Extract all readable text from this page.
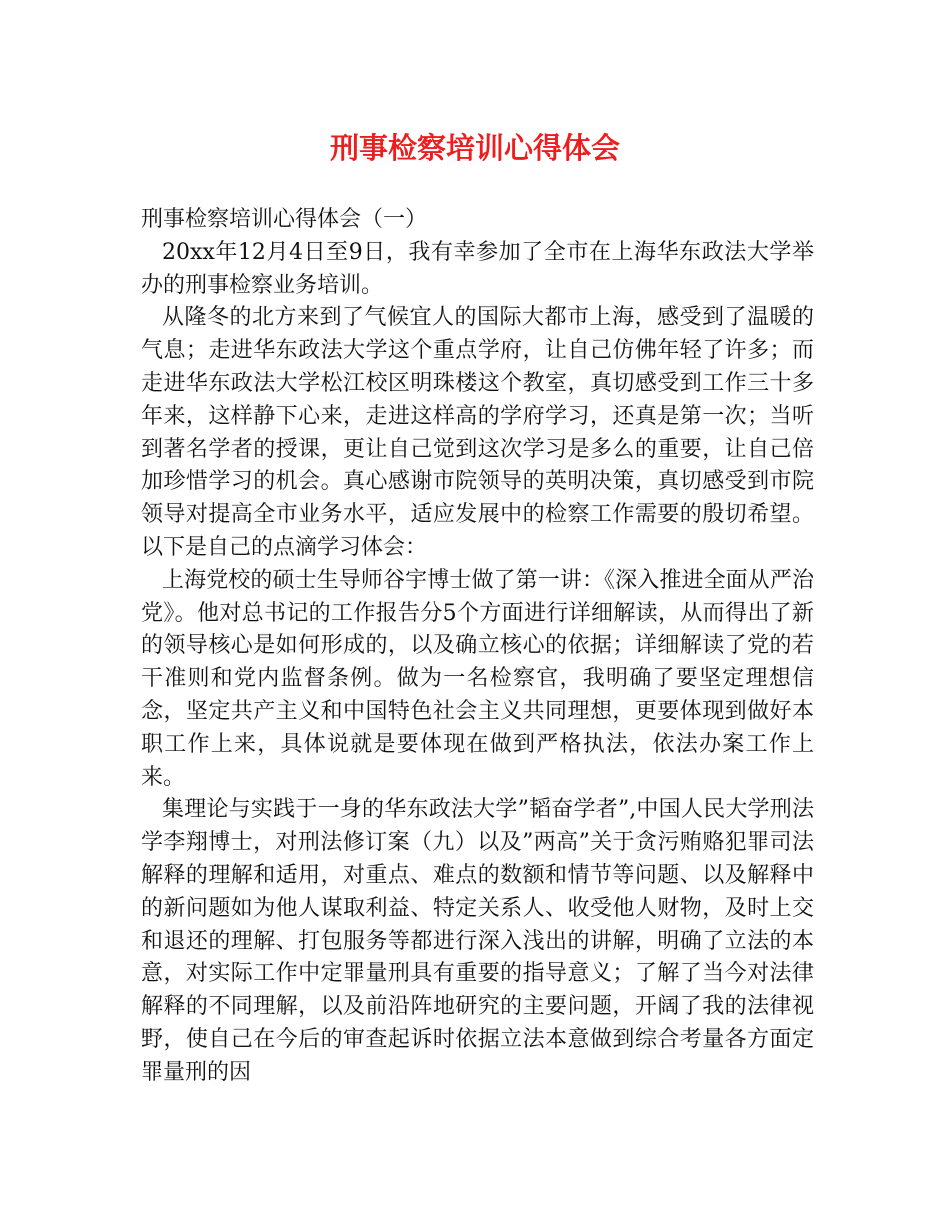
刑事检察培训心得体会

刑事检察培训心得体会（一）

20xx年12月4日至9日，我有幸参加了全市在上海华东政法大学举办的刑事检察业务培训。

从隆冬的北方来到了气候宜人的国际大都市上海，感受到了温暖的气息；走进华东政法大学这个重点学府，让自己仿佛年轻了许多；而走进华东政法大学松江校区明珠楼这个教室，真切感受到工作三十多年来，这样静下心来，走进这样高的学府学习，还真是第一次；当听到著名学者的授课，更让自己觉到这次学习是多么的重要，让自己倍加珍惜学习的机会。真心感谢市院领导的英明决策，真切感受到市院领导对提高全市业务水平，适应发展中的检察工作需要的殷切希望。以下是自己的点滴学习体会：

上海党校的硕士生导师谷宇博士做了第一讲：《深入推进全面从严治党》。他对总书记的工作报告分5个方面进行详细解读，从而得出了新的领导核心是如何形成的，以及确立核心的依据；详细解读了党的若干准则和党内监督条例。做为一名检察官，我明确了要坚定理想信念，坚定共产主义和中国特色社会主义共同理想，更要体现到做好本职工作上来，具体说就是要体现在做到严格执法，依法办案工作上来。

集理论与实践于一身的华东政法大学”韬奋学者”,中国人民大学刑法学李翔博士，对刑法修订案（九）以及”两高”关于贪污贿赂犯罪司法解释的理解和适用，对重点、难点的数额和情节等问题、以及解释中的新问题如为他人谋取利益、特定关系人、收受他人财物，及时上交和退还的理解、打包服务等都进行深入浅出的讲解，明确了立法的本意，对实际工作中定罪量刑具有重要的指导意义；了解了当今对法律解释的不同理解，以及前沿阵地研究的主要问题，开阔了我的法律视野，使自己在今后的审查起诉时依据立法本意做到综合考量各方面定罪量刑的因
